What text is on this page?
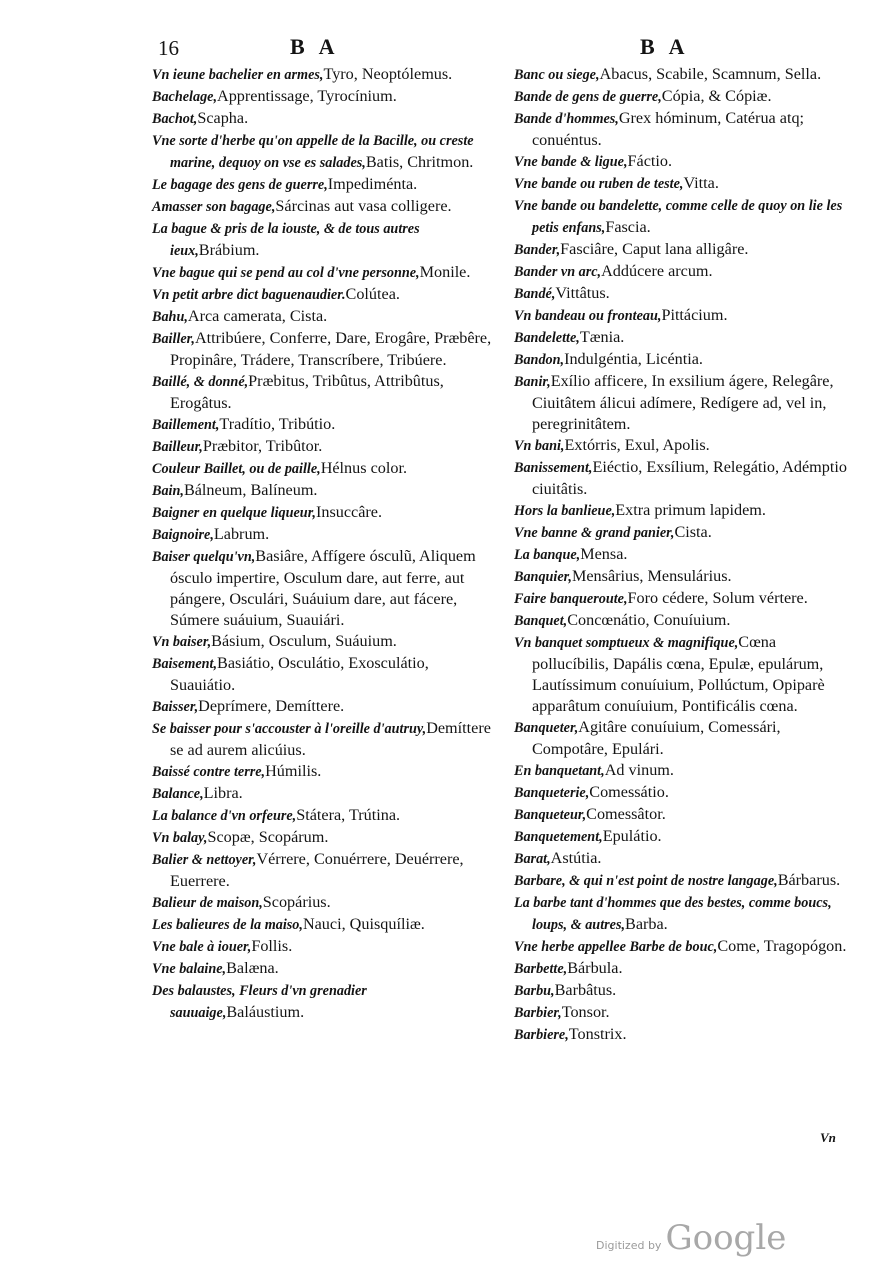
16	BA	BA

Vn ieune bachelier en armes,Tyro, Neoptólemus.

Bachelage,Apprentissage, Tyrocínium.

Bachot,Scapha.

Vne sorte d'herbe qu'on appelle de la Bacille, ou creste marine, dequoy on vse es salades,Batis, Chritmon.

Le bagage des gens de guerre,Impediménta.

Amasser son bagage,Sárcinas aut vasa colligere.

La bague & pris de la iouste, & de tous autres ieux,Brábium.

Vne bague qui se pend au col d'vne personne,Monile.

Vn petit arbre dict baguenaudier.Colútea.

Bahu,Arca camerata, Cista.

Bailler,Attribúere, Conferre, Dare, Erogâre, Præbêre, Propinâre, Trádere, Transcríbere, Tribúere.

Baillé, & donné,Præbitus, Tribûtus, Attribûtus, Erogâtus.

Baillement,Tradítio, Tribútio.

Bailleur,Præbitor, Tribûtor.

Couleur Baillet, ou de paille,Hélnus color.

Bain,Bálneum, Balíneum.

Baigner en quelque liqueur,Insuccâre.

Baignoire,Labrum.

Baiser quelqu'vn,Basiâre, Affígere ósculũ, Aliquem ósculo impertire, Osculum dare, aut ferre, aut pángere, Osculári, Suáuium dare, aut fácere, Súmere suáuium, Suauiári.

Vn baiser,Básium, Osculum, Suáuium.

Baisement,Basiátio, Osculátio, Exosculátio, Suauiátio.

Baisser,Deprímere, Demíttere.

Se baisser pour s'accouster à l'oreille d'autruy,Demíttere se ad aurem alicúius.

Baissé contre terre,Húmilis.

Balance,Libra.

La balance d'vn orfeure,Státera, Trútina.

Vn balay,Scopæ, Scopárum.

Balier & nettoyer,Vérrere, Conuérrere, Deuérrere, Euerrere.

Balieur de maison,Scopárius.

Les balieures de la maiso,Nauci, Quisquíliæ.

Vne bale à iouer,Follis.

Vne balaine,Balæna.

Des balaustes, Fleurs d'vn grenadier sauuaige,Baláustium.

Banc ou siege,Abacus, Scabile, Scamnum, Sella.

Bande de gens de guerre,Cópia, & Cópiæ.

Bande d'hommes,Grex hóminum, Catérua atq; conuéntus.

Vne bande & ligue,Fáctio.

Vne bande ou ruben de teste,Vitta.

Vne bande ou bandelette, comme celle de quoy on lie les petis enfans,Fascia.

Bander,Fasciâre, Caput lana alligâre.

Bander vn arc,Addúcere arcum.

Bandé,Vittâtus.

Vn bandeau ou fronteau,Pittácium.

Bandelette,Tænia.

Bandon,Indulgéntia, Licéntia.

Banir,Exílio afficere, In exsilium ágere, Relegâre, Ciuitâtem álicui adímere, Redígere ad, vel in, peregrinitâtem.

Vn bani,Extórris, Exul, Apolis.

Banissement,Eiéctio, Exsílium, Relegátio, Adémptio ciuitâtis.

Hors la banlieue,Extra primum lapidem.

Vne banne & grand panier,Cista.

La banque,Mensa.

Banquier,Mensârius, Mensulárius.

Faire banqueroute,Foro cédere, Solum vértere.

Banquet,Concœnátio, Conuíuium.

Vn banquet somptueux & magnifique,Cœna pollucíbilis, Dapális cœna, Epulæ, epulárum, Lautíssimum conuíuium, Pollúctum, Opiparè apparâtum conuíuium, Pontificális cœna.

Banqueter,Agitâre conuíuium, Comessári, Compotâre, Epulári.

En banquetant,Ad vinum.

Banqueterie,Comessátio.

Banqueteur,Comessâtor.

Banquetement,Epulátio.

Barat,Astútia.

Barbare, & qui n'est point de nostre langage,Bárbarus.

La barbe tant d'hommes que des bestes, comme boucs, loups, & autres,Barba.

Vne herbe appellee Barbe de bouc,Come, Tragopógon.

Barbette,Bárbula.

Barbu,Barbâtus.

Barbier,Tonsor.

Barbiere,Tonstrix.

Vn
Digitized by Google
